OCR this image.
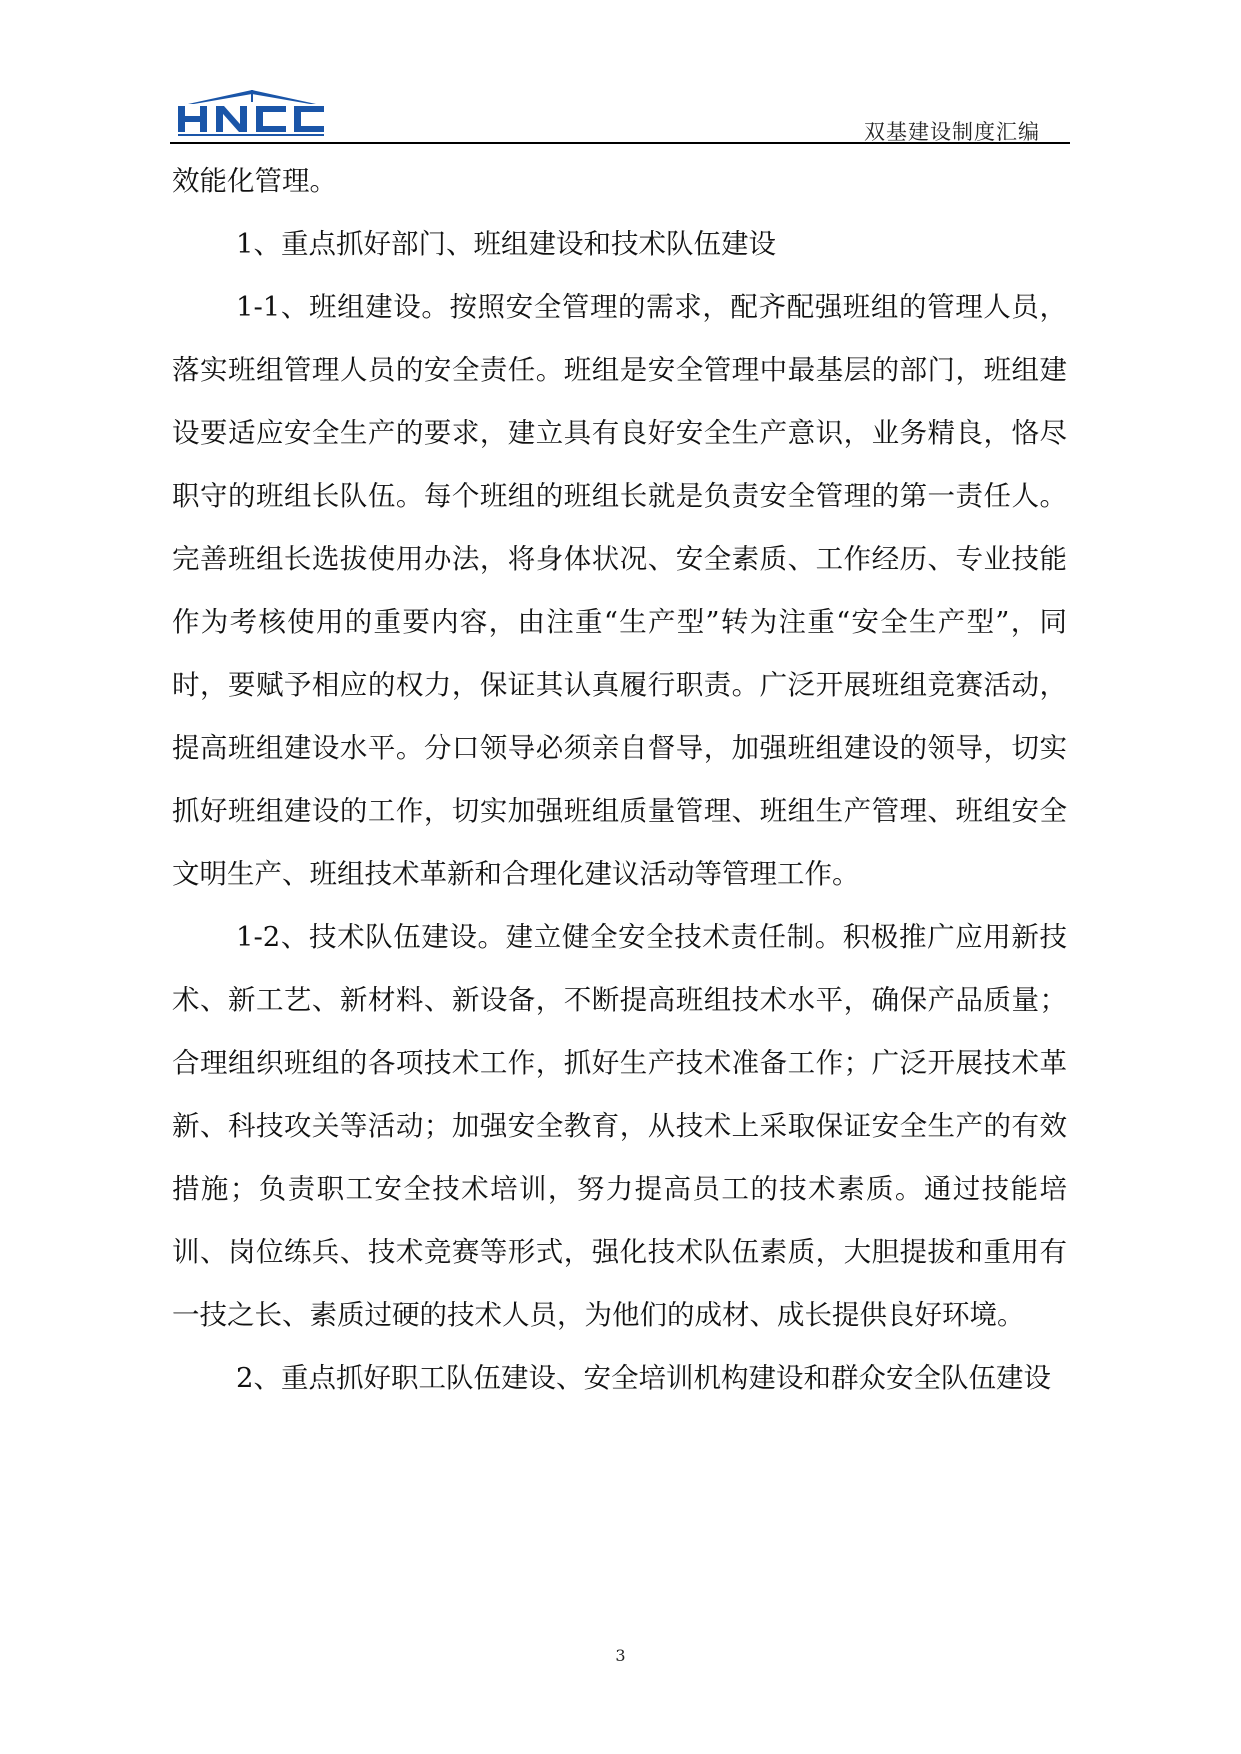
双基建设制度汇编

效能化管理。

1、重点抓好部门、班组建设和技术队伍建设

1-1、班组建设。按照安全管理的需求，配齐配强班组的管理人员，落实班组管理人员的安全责任。班组是安全管理中最基层的部门，班组建设要适应安全生产的要求，建立具有良好安全生产意识，业务精良，恪尽职守的班组长队伍。每个班组的班组长就是负责安全管理的第一责任人。完善班组长选拔使用办法，将身体状况、安全素质、工作经历、专业技能作为考核使用的重要内容，由注重“生产型”转为注重“安全生产型”，同时，要赋予相应的权力，保证其认真履行职责。广泛开展班组竞赛活动，提高班组建设水平。分口领导必须亲自督导，加强班组建设的领导，切实抓好班组建设的工作，切实加强班组质量管理、班组生产管理、班组安全文明生产、班组技术革新和合理化建议活动等管理工作。

1-2、技术队伍建设。建立健全安全技术责任制。积极推广应用新技术、新工艺、新材料、新设备，不断提高班组技术水平，确保产品质量；合理组织班组的各项技术工作，抓好生产技术准备工作；广泛开展技术革新、科技攻关等活动；加强安全教育，从技术上采取保证安全生产的有效措施；负责职工安全技术培训，努力提高员工的技术素质。通过技能培训、岗位练兵、技术竞赛等形式，强化技术队伍素质，大胆提拔和重用有一技之长、素质过硬的技术人员，为他们的成材、成长提供良好环境。

2、重点抓好职工队伍建设、安全培训机构建设和群众安全队伍建设

3
